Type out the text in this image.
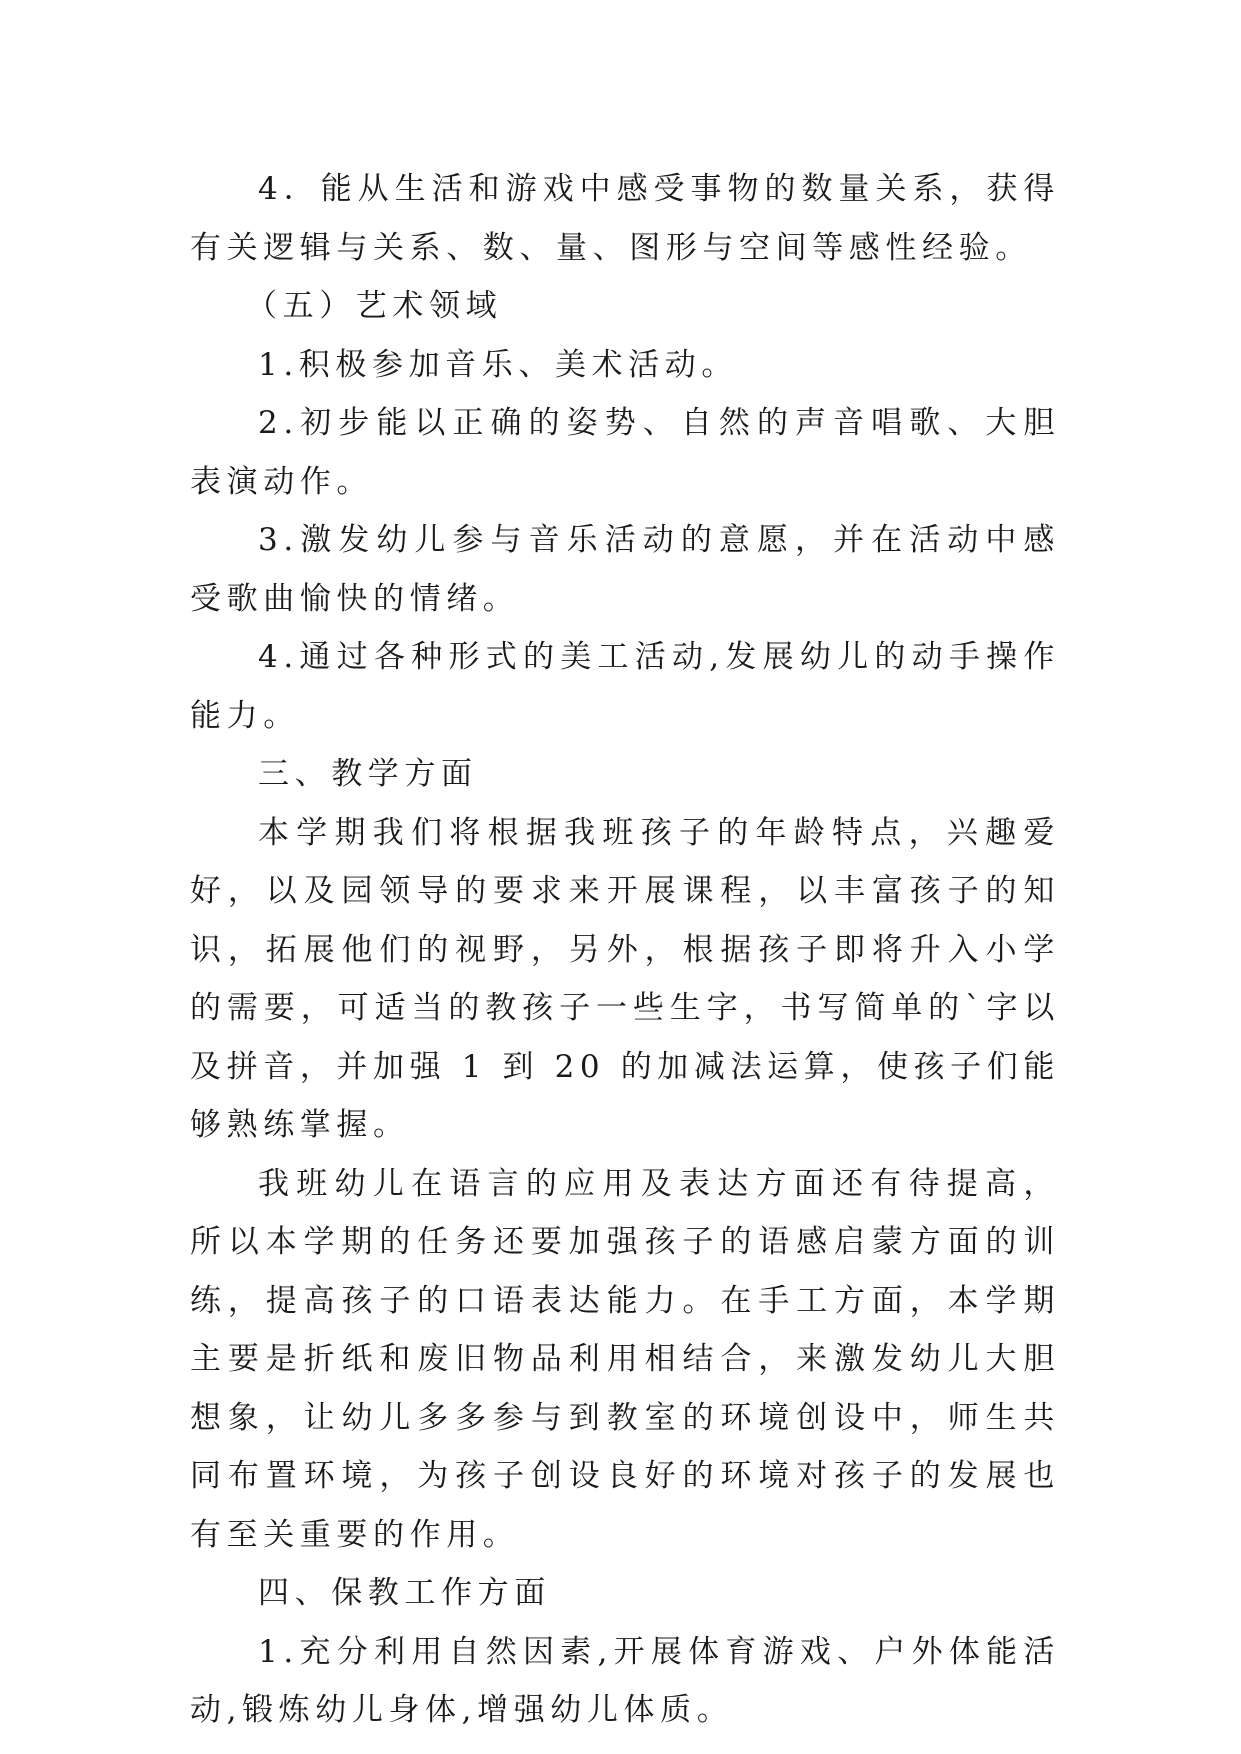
4．能从生活和游戏中感受事物的数量关系，获得有关逻辑与关系、数、量、图形与空间等感性经验。

（五）艺术领域

1.积极参加音乐、美术活动。

2.初步能以正确的姿势、自然的声音唱歌、大胆表演动作。

3.激发幼儿参与音乐活动的意愿，并在活动中感受歌曲愉快的情绪。

4.通过各种形式的美工活动,发展幼儿的动手操作能力。

三、教学方面

本学期我们将根据我班孩子的年龄特点，兴趣爱好，以及园领导的要求来开展课程，以丰富孩子的知识，拓展他们的视野，另外，根据孩子即将升入小学的需要，可适当的教孩子一些生字，书写简单的`字以及拼音，并加强 1 到 20 的加减法运算，使孩子们能够熟练掌握。

我班幼儿在语言的应用及表达方面还有待提高，所以本学期的任务还要加强孩子的语感启蒙方面的训练，提高孩子的口语表达能力。在手工方面，本学期主要是折纸和废旧物品利用相结合，来激发幼儿大胆想象，让幼儿多多参与到教室的环境创设中，师生共同布置环境，为孩子创设良好的环境对孩子的发展也有至关重要的作用。

四、保教工作方面

1.充分利用自然因素,开展体育游戏、户外体能活动,锻炼幼儿身体,增强幼儿体质。
